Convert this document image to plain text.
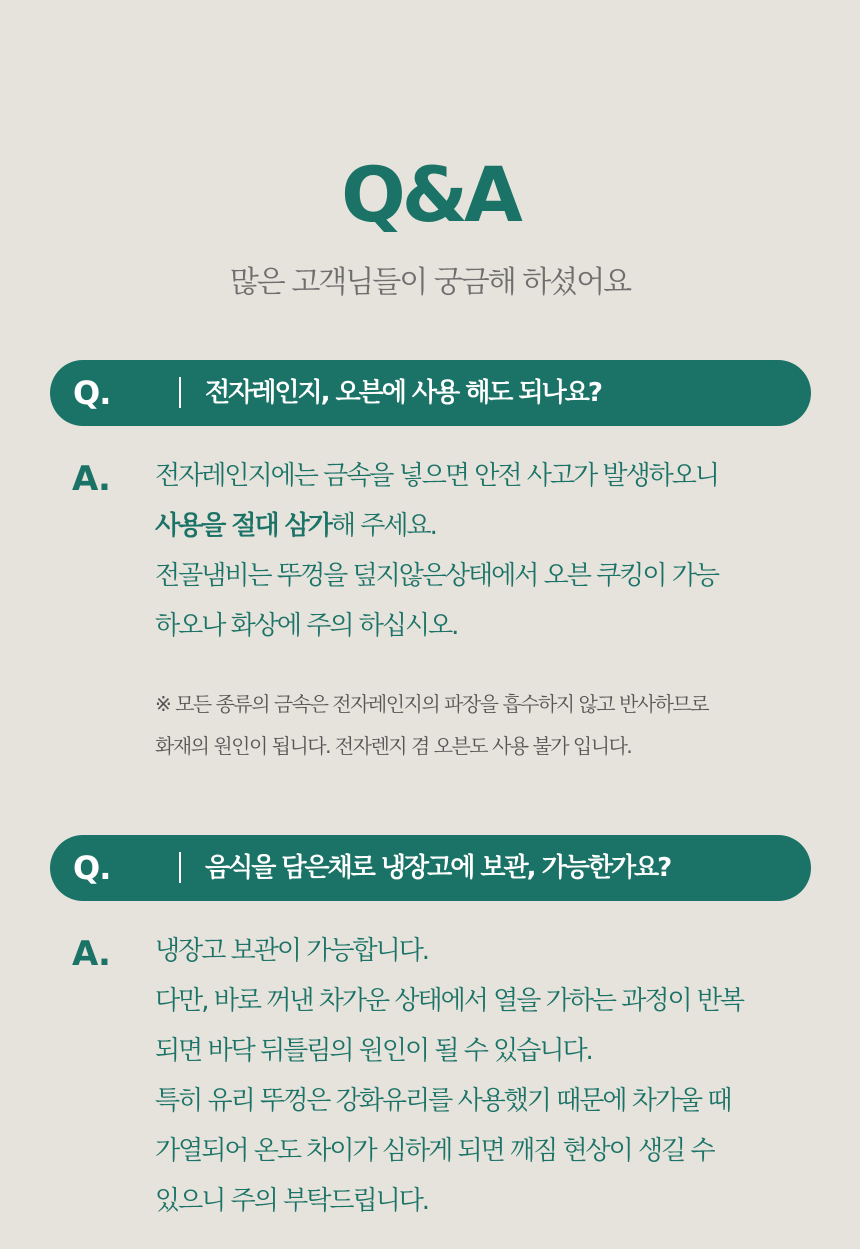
Q&A
많은 고객님들이 궁금해 하셨어요
Q.	전자레인지, 오븐에 사용 해도 되나요?
A. 전자레인지에는 금속을 넣으면 안전 사고가 발생하오니
사용을 절대 삼가해 주세요.
전골냄비는 뚜껑을 덮지않은상태에서 오븐 쿠킹이 가능
하오나 화상에 주의 하십시오.
※ 모든 종류의 금속은 전자레인지의 파장을 흡수하지 않고 반사하므로
화재의 원인이 됩니다. 전자렌지 겸 오븐도 사용 불가 입니다.
Q.	음식을 담은채로 냉장고에 보관, 가능한가요?
A. 냉장고 보관이 가능합니다.
다만, 바로 꺼낸 차가운 상태에서 열을 가하는 과정이 반복
되면 바닥 뒤틀림의 원인이 될 수 있습니다.
특히 유리 뚜껑은 강화유리를 사용했기 때문에 차가울 때
가열되어 온도 차이가 심하게 되면 깨짐 현상이 생길 수
있으니 주의 부탁드립니다.
